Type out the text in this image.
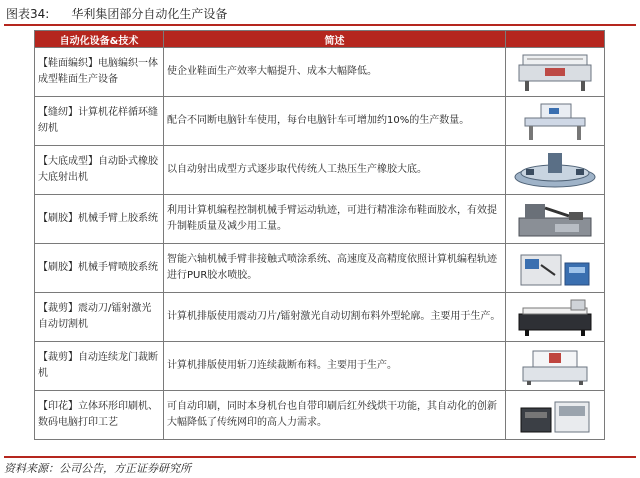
图表34: 华利集团部分自动化生产设备
自动化设备&技术	简述	
【鞋面编织】电脑编织一体成型鞋面生产设备	使企业鞋面生产效率大幅提升、成本大幅降低。	

【缝纫】计算机花样循环缝纫机	配合不同断电脑针车使用，每台电脑针车可增加约10%的生产数量。	

【大底成型】自动卧式橡胶大底射出机	以自动射出成型方式逐步取代传统人工热压生产橡胶大底。	

【刷胶】机械手臂上胶系统	利用计算机编程控制机械手臂运动轨迹，可进行精准涂布鞋面胶水，有效提升制鞋质量及减少用工量。	

【刷胶】机械手臂喷胶系统	智能六轴机械手臂非接触式喷涂系统、高速度及高精度依照计算机编程轨迹进行PUR胶水喷胶。	

【裁剪】震动刀/镭射激光自动切割机	计算机排版使用震动刀片/镭射激光自动切割布料外型轮廓。主要用于生产。	

【裁剪】自动连续龙门裁断机	计算机排版使用斩刀连续裁断布料。主要用于生产。	

【印花】立体环形印刷机、数码电脑打印工艺	可自动印刷，同时本身机台也自带印刷后红外线烘干功能，其自动化的创新大幅降低了传统网印的高人力需求。	
资料来源：公司公告，方正证券研究所
